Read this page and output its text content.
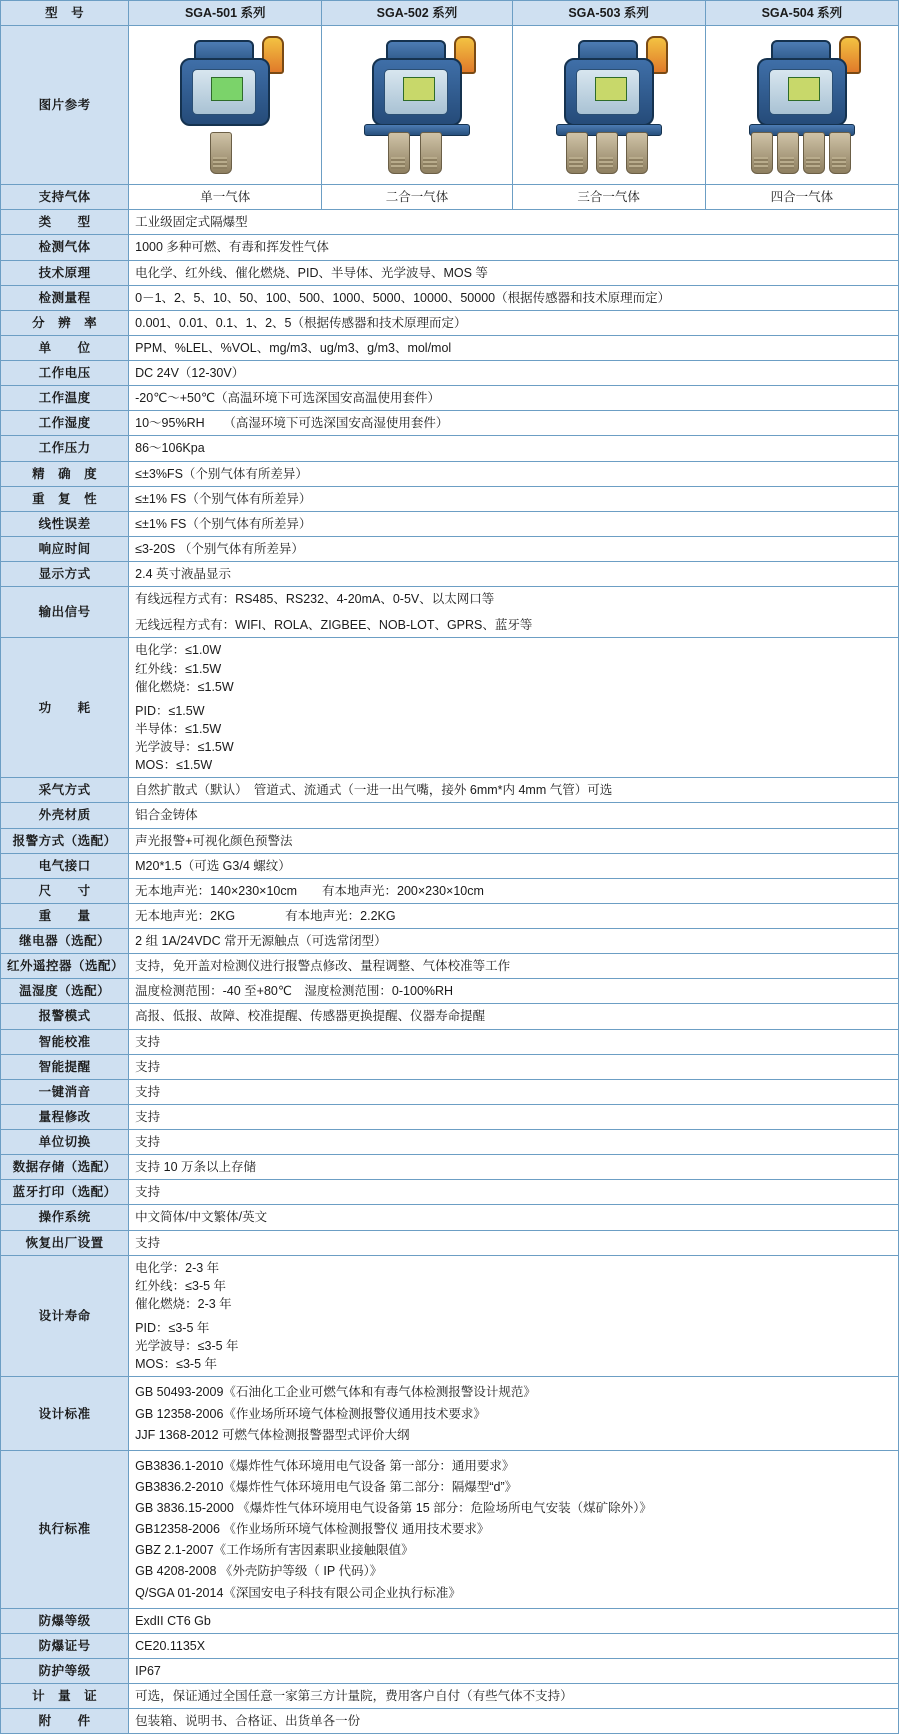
型　号	SGA-501 系列	SGA-502 系列	SGA-503 系列	SGA-504 系列
图片参考	

支持气体	单一气体	二合一气体	三合一气体	四合一气体
类　　型	工业级固定式隔爆型			
检测气体	1000 多种可燃、有毒和挥发性气体			
技术原理	电化学、红外线、催化燃烧、PID、半导体、光学波导、MOS 等			
检测量程	0－1、2、5、10、50、100、500、1000、5000、10000、50000（根据传感器和技术原理而定）			
分　辨　率	0.001、0.01、0.1、1、2、5（根据传感器和技术原理而定）			
单　　位	PPM、%LEL、%VOL、mg/m3、ug/m3、g/m3、mol/mol			
工作电压	DC 24V（12-30V）			
工作温度	-20℃～+50℃（高温环境下可选深国安高温使用套件）			
工作湿度	10～95%RH　　（高湿环境下可选深国安高湿使用套件）			
工作压力	86～106Kpa			
精　确　度	≤±3%FS（个别气体有所差异）			
重　复　性	≤±1% FS（个别气体有所差异）			
线性误差	≤±1% FS（个别气体有所差异）			
响应时间	≤3-20S （个别气体有所差异）			
显示方式	2.4 英寸液晶显示			
输出信号	有线远程方式有：RS485、RS232、4-20mA、0-5V、以太网口等
无线远程方式有：WIFI、ROLA、ZIGBEE、NOB-LOT、GPRS、蓝牙等			

功　　耗	
电化学：≤1.0W
红外线：≤1.5W
催化燃烧：≤1.5W
PID：≤1.5W
半导体：≤1.5W
光学波导：≤1.5W
MOS：≤1.5W

采气方式	自然扩散式（默认）　管道式、流通式（一进一出气嘴，接外 6mm*内 4mm 气管）可选			
外壳材质	铝合金铸体			
报警方式（选配）	声光报警+可视化颜色预警法			
电气接口	M20*1.5（可选 G3/4 螺纹）			
尺　　寸	无本地声光：140×230×10cm　　有本地声光：200×230×10cm			
重　　量	无本地声光：2KG　　　　有本地声光：2.2KG			
继电器（选配）	2 组 1A/24VDC 常开无源触点（可选常闭型）			
红外遥控器（选配）	支持，免开盖对检测仪进行报警点修改、量程调整、气体校准等工作			
温湿度（选配）	温度检测范围：-40 至+80℃　湿度检测范围：0-100%RH			
报警模式	高报、低报、故障、校准提醒、传感器更换提醒、仪器寿命提醒			
智能校准	支持			
智能提醒	支持			
一键消音	支持			
量程修改	支持			
单位切换	支持			
数据存储（选配）	支持 10 万条以上存储			
蓝牙打印（选配）	支持			
操作系统	中文简体/中文繁体/英文			
恢复出厂设置	支持			
设计寿命	
电化学：2-3 年
红外线：≤3-5 年
催化燃烧：2-3 年
PID：≤3-5 年
光学波导：≤3-5 年
MOS：≤3-5 年

设计标准	GB 50493-2009《石油化工企业可燃气体和有毒气体检测报警设计规范》
GB 12358-2006《作业场所环境气体检测报警仪通用技术要求》
JJF 1368-2012 可燃气体检测报警器型式评价大纲			

执行标准	
GB3836.1-2010《爆炸性气体环境用电气设备 第一部分：通用要求》
GB3836.2-2010《爆炸性气体环境用电气设备 第二部分：隔爆型“d”》
GB 3836.15-2000 《爆炸性气体环境用电气设备第 15 部分：危险场所电气安装（煤矿除外）》
GB12358-2006 《作业场所环境气体检测报警仪 通用技术要求》
GBZ 2.1-2007《工作场所有害因素职业接触限值》
GB 4208-2008 《外壳防护等级（ IP 代码）》
Q/SGA 01-2014《深国安电子科技有限公司企业执行标准》

防爆等级	ExdII CT6 Gb			
防爆证号	CE20.1135X			
防护等级	IP67			
计　量　证	可选，保证通过全国任意一家第三方计量院，费用客户自付（有些气体不支持）			
附　　件	包装箱、说明书、合格证、出货单各一份			
